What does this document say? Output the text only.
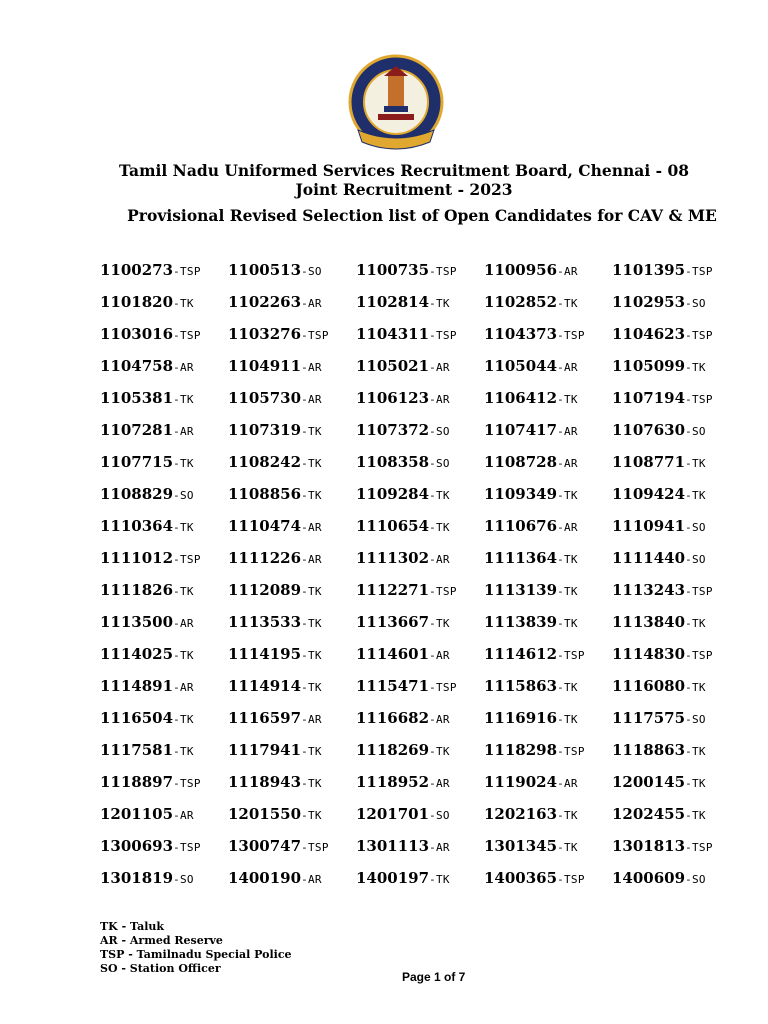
Tamil Nadu Uniformed Services Recruitment Board, Chennai - 08
Joint Recruitment - 2023
Provisional Revised Selection list of Open Candidates for CAV & ME
1100273-TSP	1100513-SO	1100735-TSP	1100956-AR	1101395-TSP
1101820-TK	1102263-AR	1102814-TK	1102852-TK	1102953-SO
1103016-TSP	1103276-TSP	1104311-TSP	1104373-TSP	1104623-TSP
1104758-AR	1104911-AR	1105021-AR	1105044-AR	1105099-TK
1105381-TK	1105730-AR	1106123-AR	1106412-TK	1107194-TSP
1107281-AR	1107319-TK	1107372-SO	1107417-AR	1107630-SO
1107715-TK	1108242-TK	1108358-SO	1108728-AR	1108771-TK
1108829-SO	1108856-TK	1109284-TK	1109349-TK	1109424-TK
1110364-TK	1110474-AR	1110654-TK	1110676-AR	1110941-SO
1111012-TSP	1111226-AR	1111302-AR	1111364-TK	1111440-SO
1111826-TK	1112089-TK	1112271-TSP	1113139-TK	1113243-TSP
1113500-AR	1113533-TK	1113667-TK	1113839-TK	1113840-TK
1114025-TK	1114195-TK	1114601-AR	1114612-TSP	1114830-TSP
1114891-AR	1114914-TK	1115471-TSP	1115863-TK	1116080-TK
1116504-TK	1116597-AR	1116682-AR	1116916-TK	1117575-SO
1117581-TK	1117941-TK	1118269-TK	1118298-TSP	1118863-TK
1118897-TSP	1118943-TK	1118952-AR	1119024-AR	1200145-TK
1201105-AR	1201550-TK	1201701-SO	1202163-TK	1202455-TK
1300693-TSP	1300747-TSP	1301113-AR	1301345-TK	1301813-TSP
1301819-SO	1400190-AR	1400197-TK	1400365-TSP	1400609-SO
TK - Taluk
AR - Armed Reserve
TSP - Tamilnadu Special Police
SO - Station Officer
Page 1 of 7
